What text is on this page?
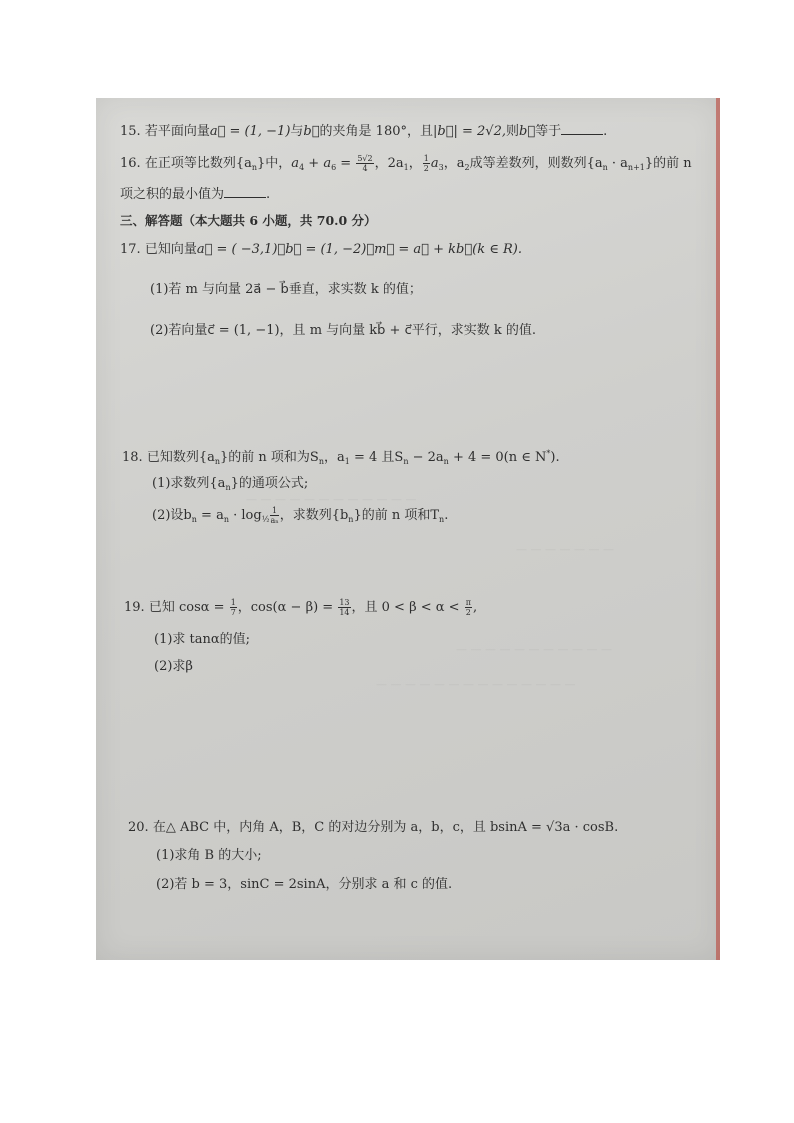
— — — — — — — — — — — —
— — — — — — —
— — — — — — — — — — —
— — — — — — — — — — — — — —
15. 若平面向量a⃗ = (1, −1)与b⃗的夹角是 180°，且|b⃗| = 2√2,则b⃗等于	.
16. 在正项等比数列$\{a_n\}$中，$a_4 + a_6 = \frac{5√2}{4}$ ，$2a_1$， $\frac{1}{2} a_3$，$a_2$成等差数列，则数列$\{a_n \cdot a_{n+1}\}$的前 n
项之积的最小值为	.
三、解答题（本大题共 6 小题，共 70.0 分）
17. 已知向量a⃗ = ( −3,1)，b⃗ = (1, −2)，m⃗ = a⃗ + kb⃗(k ∈ R).
(1)若 m 与向量 2a⃗ − b⃗垂直，求实数 k 的值；
(2)若向量c⃗ = (1, −1)，且 m 与向量 kb⃗ + c⃗平行，求实数 k 的值.
18. 已知数列$\{a_n\}$的前 n 项和为$S_n$，$a_1 = 4$ 且$S_n - 2a_n + 4 = 0(n$ ∈ N*).
(1)求数列$\{a_n\}$的通项公式;
(2)设$b_n = a_n \cdot \log_{\frac{1}{2}} \frac{1}{\text{aₙ}}$ ，求数列$\{b_n\}$的前 n 项和$T_n$.
19. 已知 $\cos\alpha = \frac{1}{7}$ ，$\cos(\alpha - \beta) = \frac{13}{14}$ ，且 $0 < \beta < \alpha < \frac{\pi}{2}$ ,
(1)求 tanα的值;
(2)求β
20. 在△ ABC 中，内角 A，B，C 的对边分别为 a，b，c，且 bsinA = √3a · cosB.
(1)求角 B 的大小;
(2)若 b = 3，sinC = 2sinA，分别求 a 和 c 的值.
